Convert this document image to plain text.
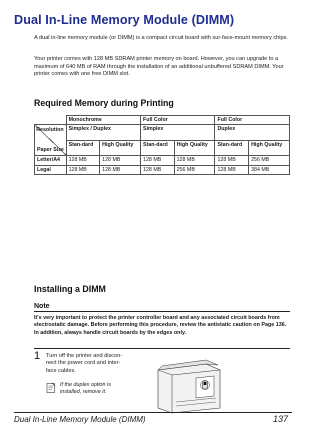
Dual In-Line Memory Module (DIMM)

A dual in-line memory module (or DIMM) is a compact circuit board with sur-face-mount memory chips.

Your printer comes with 128 MB SDRAM printer memory on board. However, you can upgrade to a maximum of 640 MB of RAM through the installation of an additional unbuffered SDRAM DIMM. Your printer comes with one free DIMM slot.

Required Memory during Printing
	Monochrome		Full Color		Full Color	

Resolution
Paper Size	Simplex / Duplex		Simplex		Duplex	
	Stan-dard	High Quality	Stan-dard	High Quality	Stan-dard	High Quality
Letter/A4	128 MB	128 MB	128 MB	128 MB	128 MB	256 MB
Legal	128 MB	128 MB	128 MB	256 MB	128 MB	384 MB
Installing a DIMM
Note

It's very important to protect the printer controller board and any associated circuit boards from electrostatic damage. Before performing this procedure, review the antistatic caution on Page 136. In addition, always handle circuit boards by the edges only.

1 Turn off the printer and discon-nect the power cord and inter-face cables.

If the duplex option is installed, remove it.

Dual In-Line Memory Module (DIMM)	137
